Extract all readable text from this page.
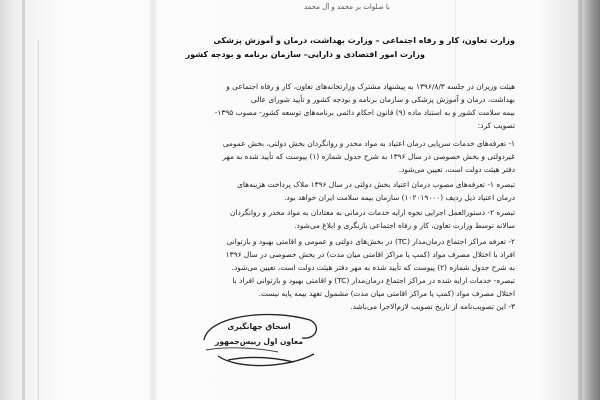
با صلوات بر محمد و آل محمد
وزارت تعاون، کار و رفاه اجتماعی – وزارت بهداشت، درمان و آموزش پزشکی
وزارت امور اقتصادی و دارایی– سازمان برنامه و بودجه کشور
هیئت وزیران در جلسه ۱۳۹۶/۸/۳ به پیشنهاد مشترک وزارتخانه‌های تعاون، کار و رفاه اجتماعی و
بهداشت، درمان و آموزش پزشکی و سازمان برنامه و بودجه کشور و تأیید شورای عالی
بیمه سلامت کشور و به استناد ماده (۹) قانون احکام دائمی برنامه‌های توسعه کشور- مصوب ۱۳۹۵-
تصویب کرد:
۱- تعرفه‌های خدمات سرپایی درمان اعتیاد به مواد مخدر و روانگردان بخش دولتی، بخش عمومی
غیردولتی و بخش خصوصی در سال ۱۳۹۶ به شرح جدول شماره (۱) پیوست که تأیید شده به مهر
دفتر هیئت دولت است، تعیین می‌شود.
تبصره ۱- تعرفه‌های مصوب درمان اعتیاد بخش دولتی در سال ۱۳۹۶ ملاک پرداخت هزینه‌های
درمان اعتیاد ذیل ردیف (۱۰۲۰۱۹۰۰۰) سازمان بیمه سلامت ایران خواهد بود.
تبصره ۲- دستورالعمل اجرایی نحوه ارایه خدمات درمانی به معتادان به مواد مخدر و روانگردان
سالانه توسط وزارت تعاون، کار و رفاه اجتماعی بازنگری و ابلاغ می‌شود.
۲- تعرفه مراکز اجتماع درمان‌مدار (TC) در بخش‌های دولتی و عمومی و اقامتی بهبود و بازتوانی
افراد با اختلال مصرف مواد (کمپ یا مراکز اقامتی میان مدت) در بخش خصوصی در سال ۱۳۹۶
به شرح جدول شماره (۲) پیوست که تأیید شده به مهر دفتر هیئت دولت است، تعیین می‌شود.
تبصره- خدمات ارایه شده در مراکز اجتماع درمان‌مدار (TC) و اقامتی بهبود و بازتوانی افراد با
اختلال مصرف مواد (کمپ یا مراکز اقامتی میان مدت) مشمول تعهد بیمه پایه نیست.
۳- این تصویب‌نامه از تاریخ تصویب لازم‌الاجرا می‌باشد.
اسحاق جهانگیری
معاون اول رییس‌جمهور
